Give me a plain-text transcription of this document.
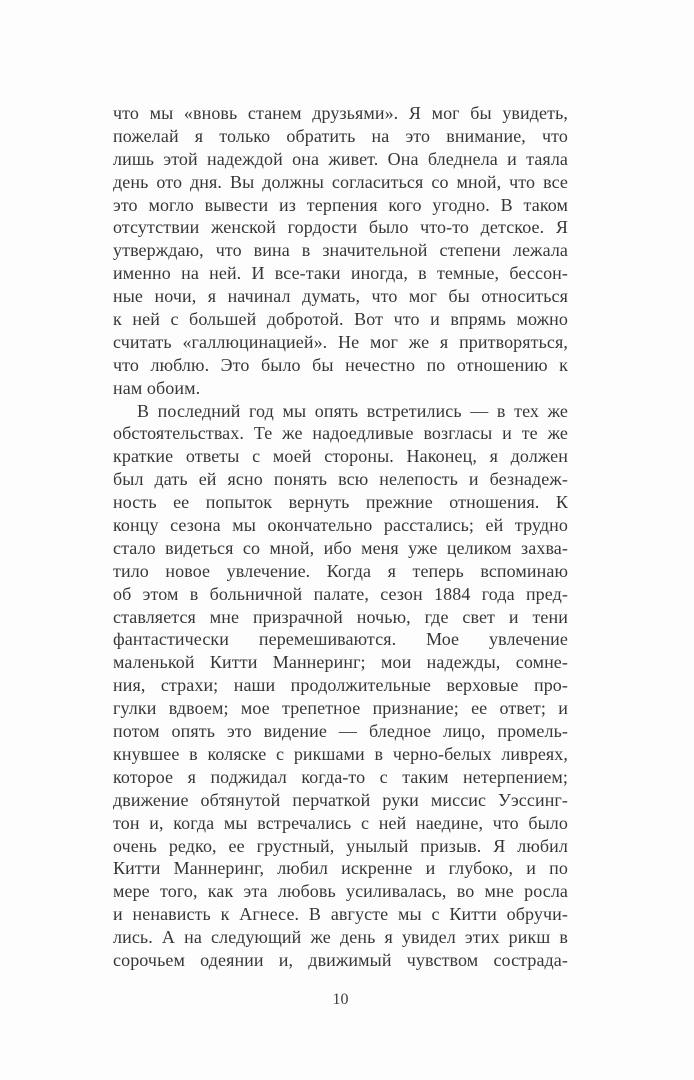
что мы «вновь станем друзьями». Я мог бы увидеть,
пожелай я только обратить на это внимание, что
лишь этой надеждой она живет. Она бледнела и таяла
день ото дня. Вы должны согласиться со мной, что все
это могло вывести из терпения кого угодно. В таком
отсутствии женской гордости было что-то детское. Я
утверждаю, что вина в значительной степени лежала
именно на ней. И все-таки иногда, в темные, бессон-
ные ночи, я начинал думать, что мог бы относиться
к ней с большей добротой. Вот что и впрямь можно
считать «галлюцинацией». Не мог же я притворяться,
что люблю. Это было бы нечестно по отношению к
нам обоим.
В последний год мы опять встретились — в тех же
обстоятельствах. Те же надоедливые возгласы и те же
краткие ответы с моей стороны. Наконец, я должен
был дать ей ясно понять всю нелепость и безнадеж-
ность ее попыток вернуть прежние отношения. К
концу сезона мы окончательно расстались; ей трудно
стало видеться со мной, ибо меня уже целиком захва-
тило новое увлечение. Когда я теперь вспоминаю
об этом в больничной палате, сезон 1884 года пред-
ставляется мне призрачной ночью, где свет и тени
фантастически перемешиваются. Мое увлечение
маленькой Китти Маннеринг; мои надежды, сомне-
ния, страхи; наши продолжительные верховые про-
гулки вдвоем; мое трепетное признание; ее ответ; и
потом опять это видение — бледное лицо, промель-
кнувшее в коляске с рикшами в черно-белых ливреях,
которое я поджидал когда-то с таким нетерпением;
движение обтянутой перчаткой руки миссис Уэссинг-
тон и, когда мы встречались с ней наедине, что было
очень редко, ее грустный, унылый призыв. Я любил
Китти Маннеринг, любил искренне и глубоко, и по
мере того, как эта любовь усиливалась, во мне росла
и ненависть к Агнесе. В августе мы с Китти обручи-
лись. А на следующий же день я увидел этих рикш в
сорочьем одеянии и, движимый чувством сострада-
10
